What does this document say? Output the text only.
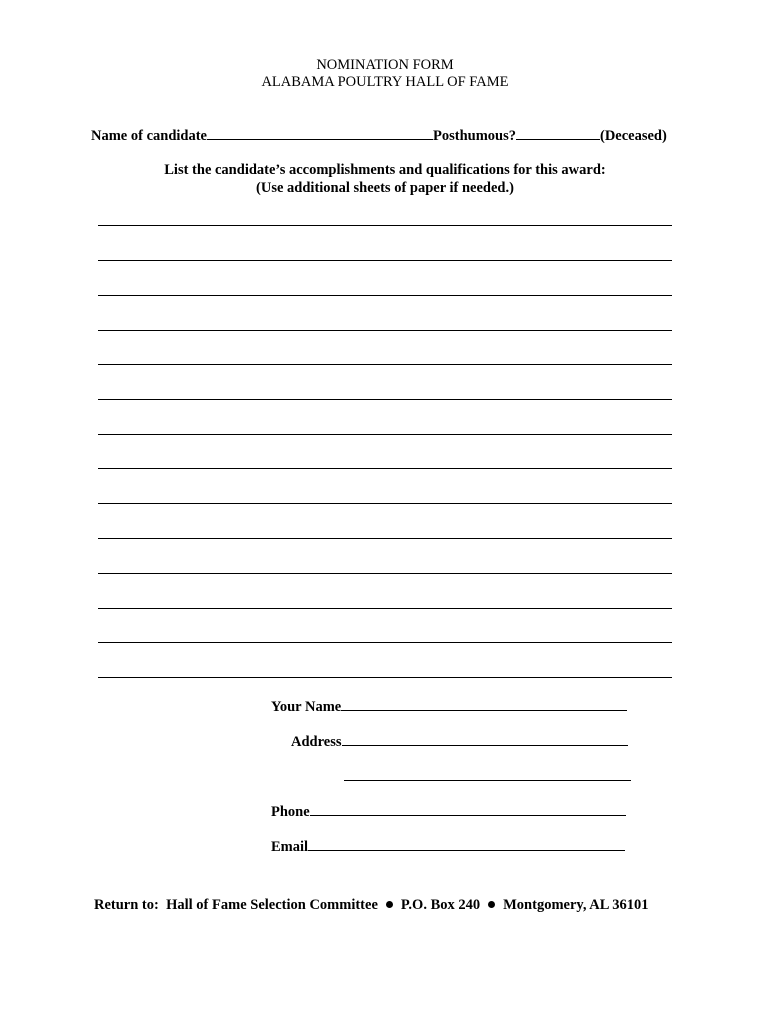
NOMINATION FORM
ALABAMA POULTRY HALL OF FAME
Name of candidate	Posthumous?	(Deceased)
List the candidate’s accomplishments and qualifications for this award:
(Use additional sheets of paper if needed.)
Your Name
Address
Phone
Email
Return to: Hall of Fame Selection Committee P.O. Box 240 Montgomery, AL 36101
